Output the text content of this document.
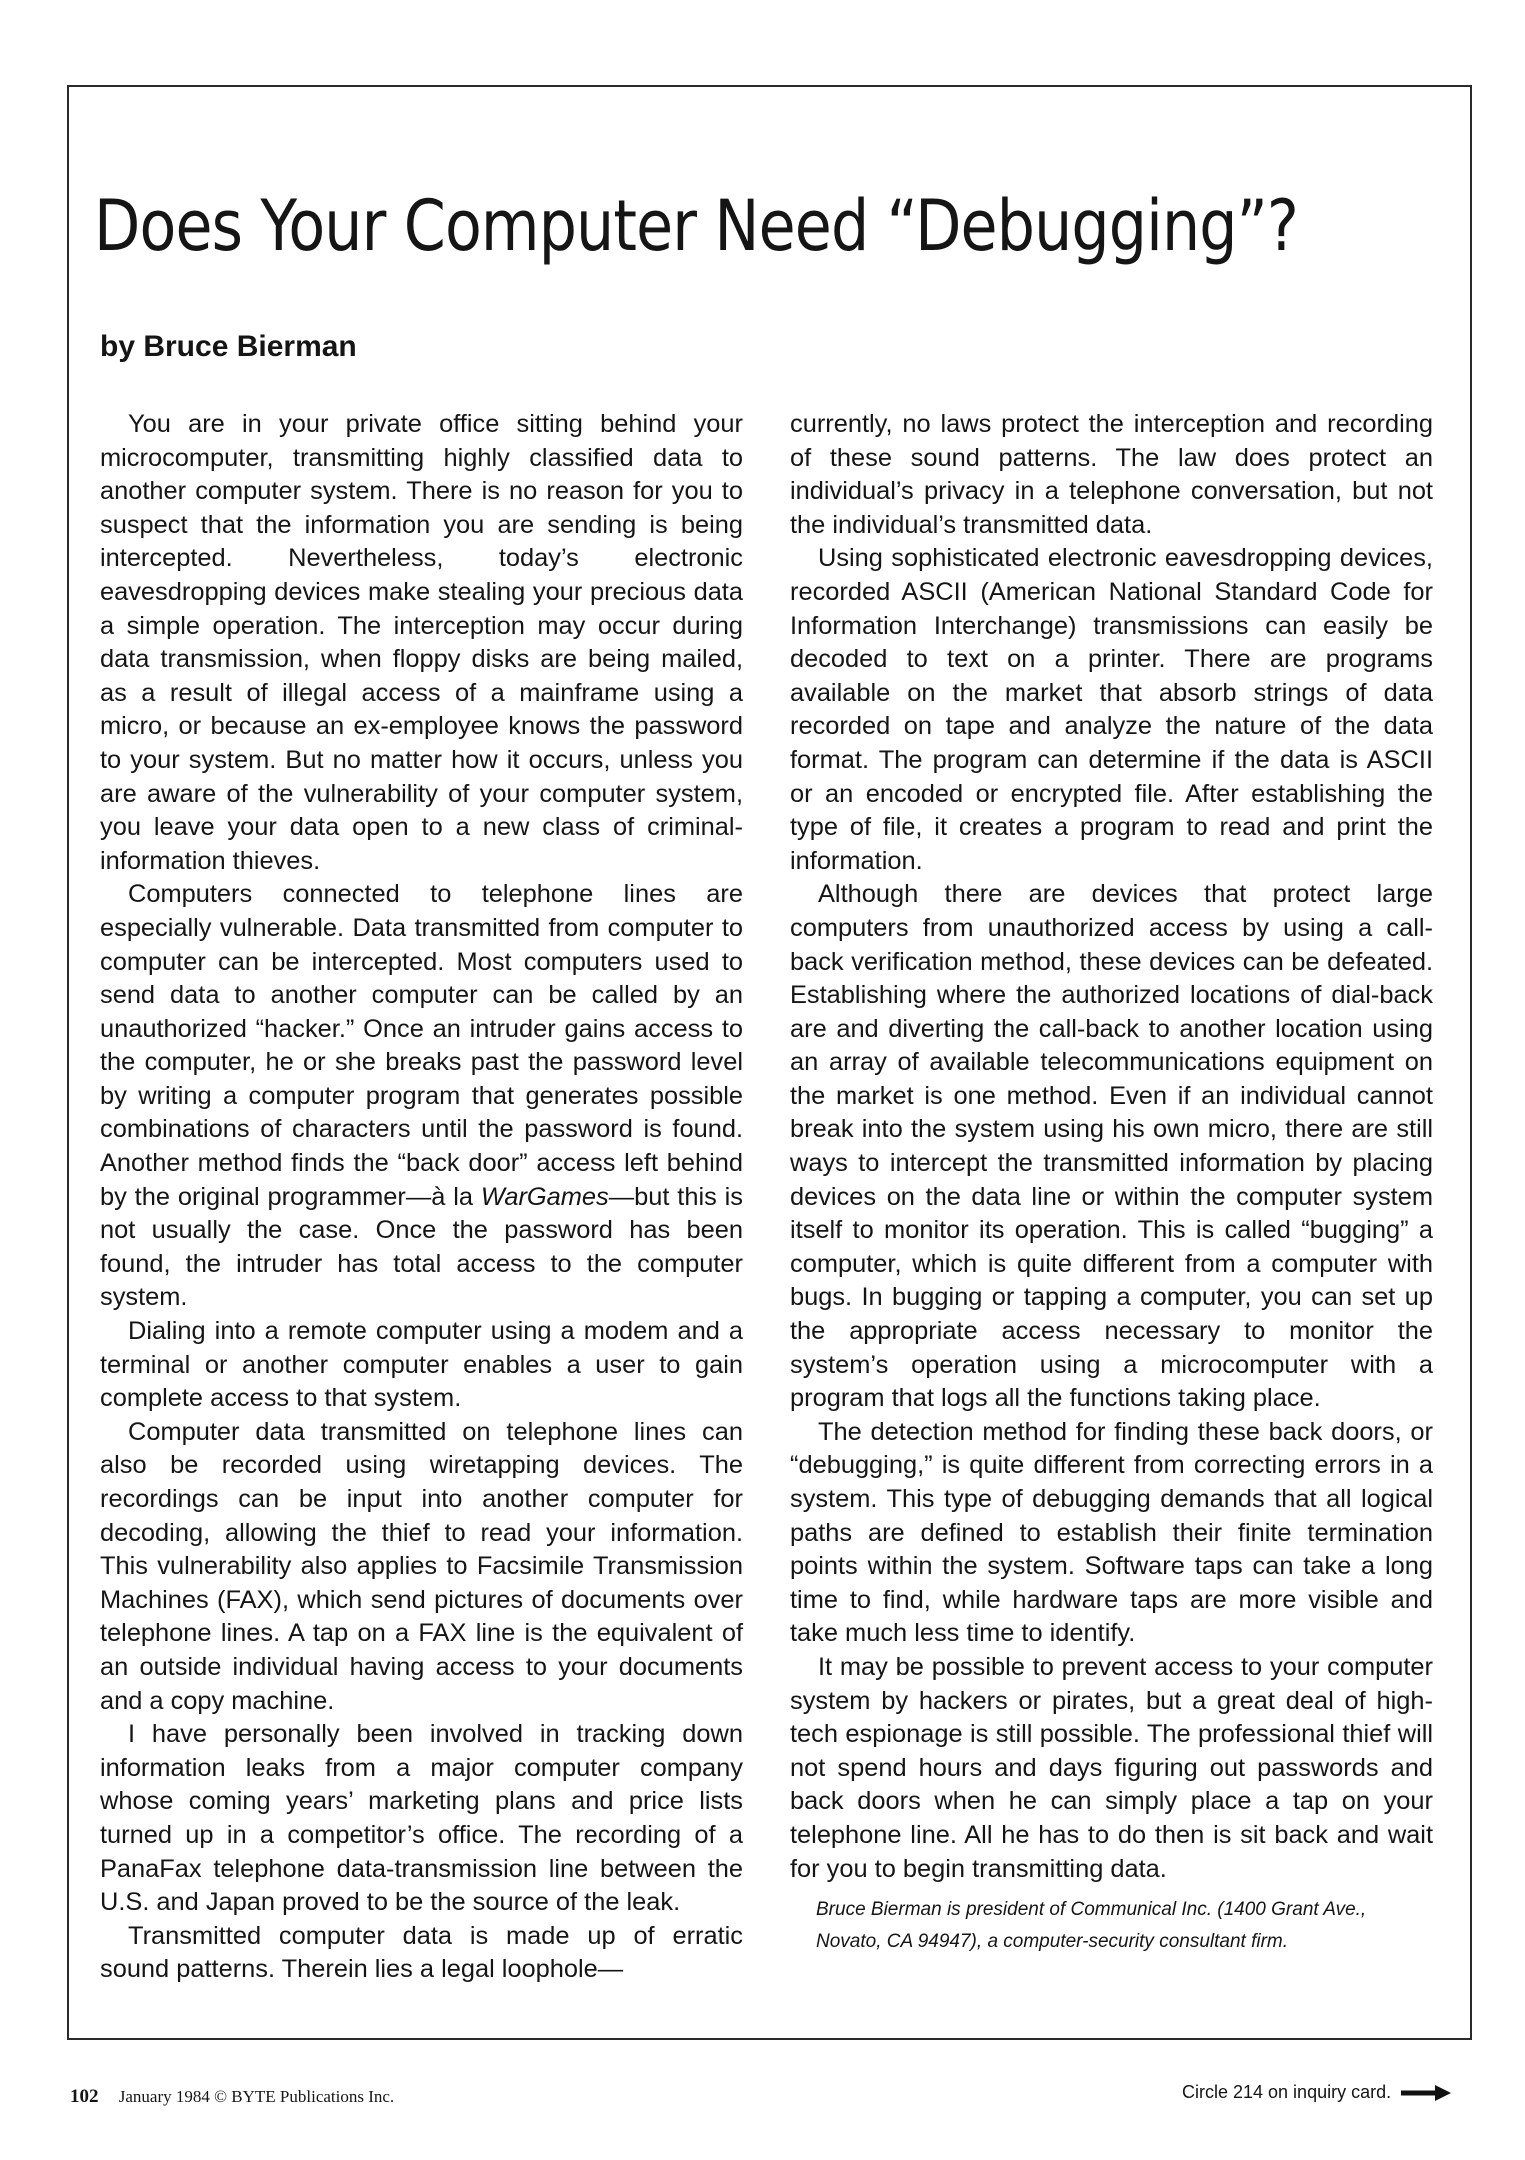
Does Your Computer Need “Debugging”?
by Bruce Bierman

You are in your private office sitting behind your microcomputer, transmitting highly classified data to another computer system. There is no reason for you to suspect that the information you are sending is being intercepted. Nevertheless, today’s electronic eavesdropping devices make stealing your precious data a simple operation. The interception may occur during data transmission, when floppy disks are being mailed, as a result of illegal access of a mainframe using a micro, or because an ex-employee knows the password to your system. But no matter how it occurs, unless you are aware of the vulnerability of your computer system, you leave your data open to a new class of criminal-information thieves.

Computers connected to telephone lines are especially vulnerable. Data transmitted from computer to computer can be intercepted. Most computers used to send data to another computer can be called by an unauthorized “hacker.” Once an intruder gains access to the computer, he or she breaks past the password level by writing a computer program that generates possible combinations of characters until the password is found. Another method finds the “back door” access left behind by the original programmer—à la WarGames—but this is not usually the case. Once the password has been found, the intruder has total access to the computer system.

Dialing into a remote computer using a modem and a terminal or another computer enables a user to gain complete access to that system.

Computer data transmitted on telephone lines can also be recorded using wiretapping devices. The recordings can be input into another computer for decoding, allowing the thief to read your information. This vulnerability also applies to Facsimile Transmission Machines (FAX), which send pictures of documents over telephone lines. A tap on a FAX line is the equivalent of an outside individual having access to your documents and a copy machine.

I have personally been involved in tracking down information leaks from a major computer company whose coming years’ marketing plans and price lists turned up in a competitor’s office. The recording of a PanaFax telephone data-transmission line between the U.S. and Japan proved to be the source of the leak.

Transmitted computer data is made up of erratic sound patterns. Therein lies a legal loophole—

currently, no laws protect the interception and recording of these sound patterns. The law does protect an individual’s privacy in a telephone conversation, but not the individual’s transmitted data.

Using sophisticated electronic eavesdropping devices, recorded ASCII (American National Standard Code for Information Interchange) transmissions can easily be decoded to text on a printer. There are programs available on the market that absorb strings of data recorded on tape and analyze the nature of the data format. The program can determine if the data is ASCII or an encoded or encrypted file. After establishing the type of file, it creates a program to read and print the information.

Although there are devices that protect large computers from unauthorized access by using a call-back verification method, these devices can be defeated. Establishing where the authorized locations of dial-back are and diverting the call-back to another location using an array of available telecommunications equipment on the market is one method. Even if an individual cannot break into the system using his own micro, there are still ways to intercept the transmitted information by placing devices on the data line or within the computer system itself to monitor its operation. This is called “bugging” a computer, which is quite different from a computer with bugs. In bugging or tapping a computer, you can set up the appropriate access necessary to monitor the system’s operation using a microcomputer with a program that logs all the functions taking place.

The detection method for finding these back doors, or “debugging,” is quite different from correcting errors in a system. This type of debugging demands that all logical paths are defined to establish their finite termination points within the system. Software taps can take a long time to find, while hardware taps are more visible and take much less time to identify.

It may be possible to prevent access to your computer system by hackers or pirates, but a great deal of high-tech espionage is still possible. The professional thief will not spend hours and days figuring out passwords and back doors when he can simply place a tap on your telephone line. All he has to do then is sit back and wait for you to begin transmitting data.

Bruce Bierman is president of Communical Inc. (1400 Grant Ave., Novato, CA 94947), a computer-security consultant firm.
102 January 1984 © BYTE Publications Inc.	Circle 214 on inquiry card.
